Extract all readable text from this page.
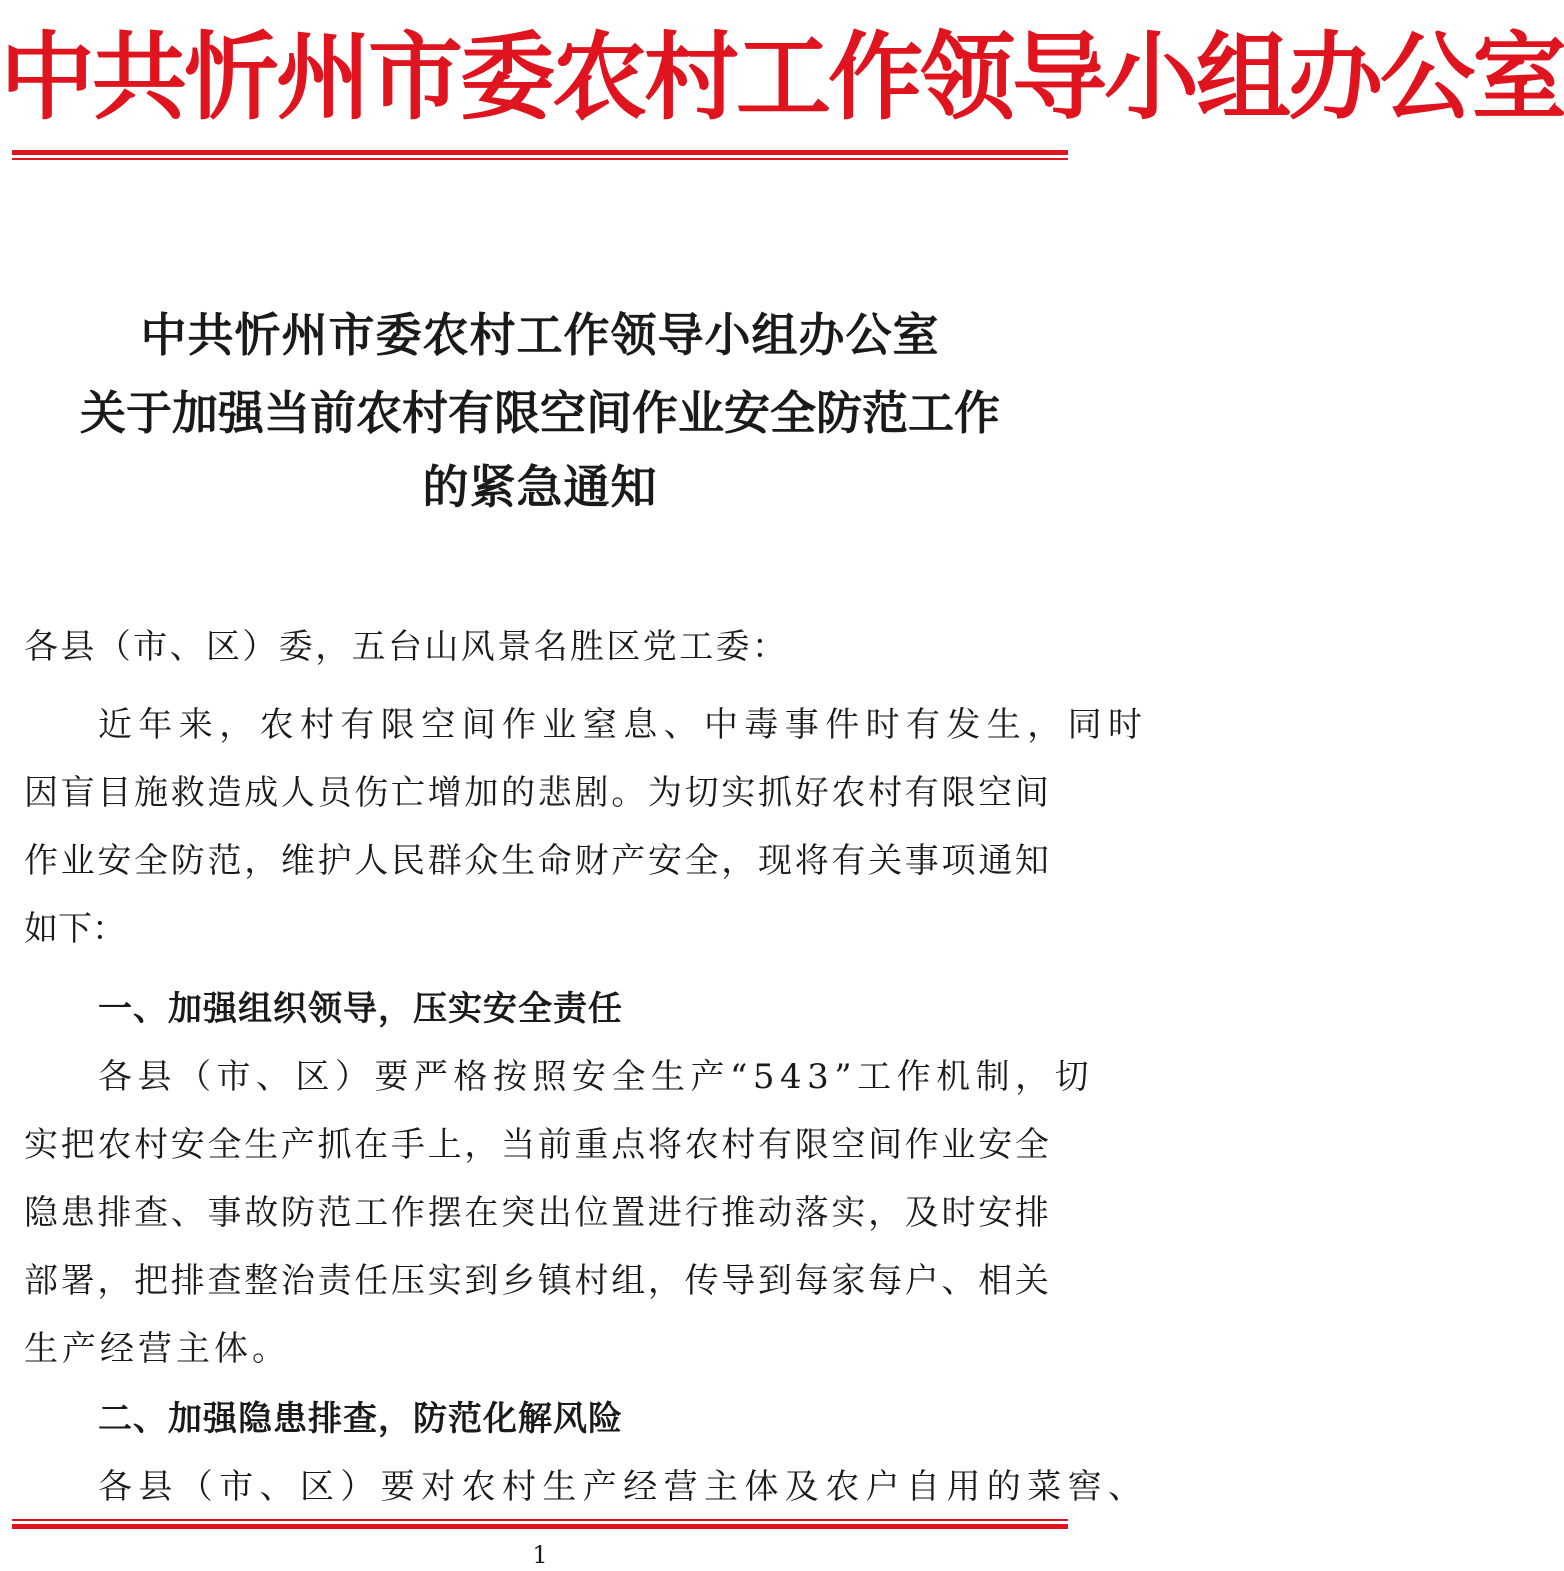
中共忻州市委农村工作领导小组办公室
中共忻州市委农村工作领导小组办公室
关于加强当前农村有限空间作业安全防范工作
的紧急通知
各县（市、区）委，五台山风景名胜区党工委：
近年来，农村有限空间作业窒息、中毒事件时有发生，同时
因盲目施救造成人员伤亡增加的悲剧。为切实抓好农村有限空间
作业安全防范，维护人民群众生命财产安全，现将有关事项通知
如下：
一、加强组织领导，压实安全责任
各县（市、区）要严格按照安全生产“543”工作机制，切
实把农村安全生产抓在手上，当前重点将农村有限空间作业安全
隐患排查、事故防范工作摆在突出位置进行推动落实，及时安排
部署，把排查整治责任压实到乡镇村组，传导到每家每户、相关
生产经营主体。
二、加强隐患排查，防范化解风险
各县（市、区）要对农村生产经营主体及农户自用的菜窖、
1
